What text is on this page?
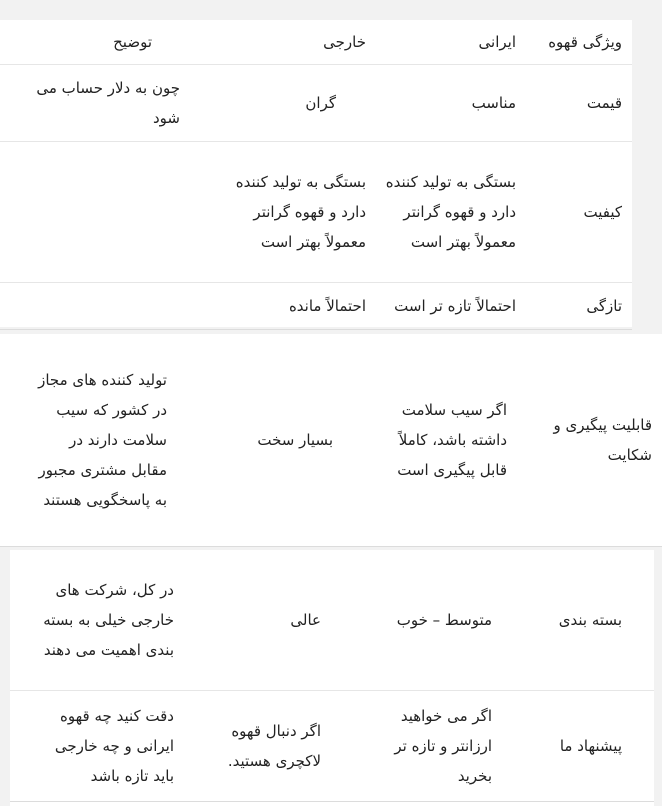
ویژگی قهوه	ایرانی	خارجی	توضیح
قیمت	مناسب	گران	چون به دلار حساب می شود
کیفیت	بستگی به تولید کننده دارد و قهوه گرانتر معمولاً بهتر است	بستگی به تولید کننده دارد و قهوه گرانتر معمولاً بهتر است	
تازگی	احتمالاً تازه تر است	احتمالاً مانده	
قابلیت پیگیری و شکایت	اگر سیب سلامت داشته باشد، کاملاً قابل پیگیری است	بسیار سخت	تولید کننده های مجاز در کشور که سیب سلامت دارند در مقابل مشتری مجبور به پاسخگویی هستند
بسته بندی	متوسط – خوب	عالی	در کل، شرکت های خارجی خیلی به بسته بندی اهمیت می دهند
پیشنهاد ما	اگر می خواهید ارزانتر و تازه تر بخرید	اگر دنبال قهوه لاکچری هستید.	دقت کنید چه قهوه ایرانی و چه خارجی باید تازه باشد
